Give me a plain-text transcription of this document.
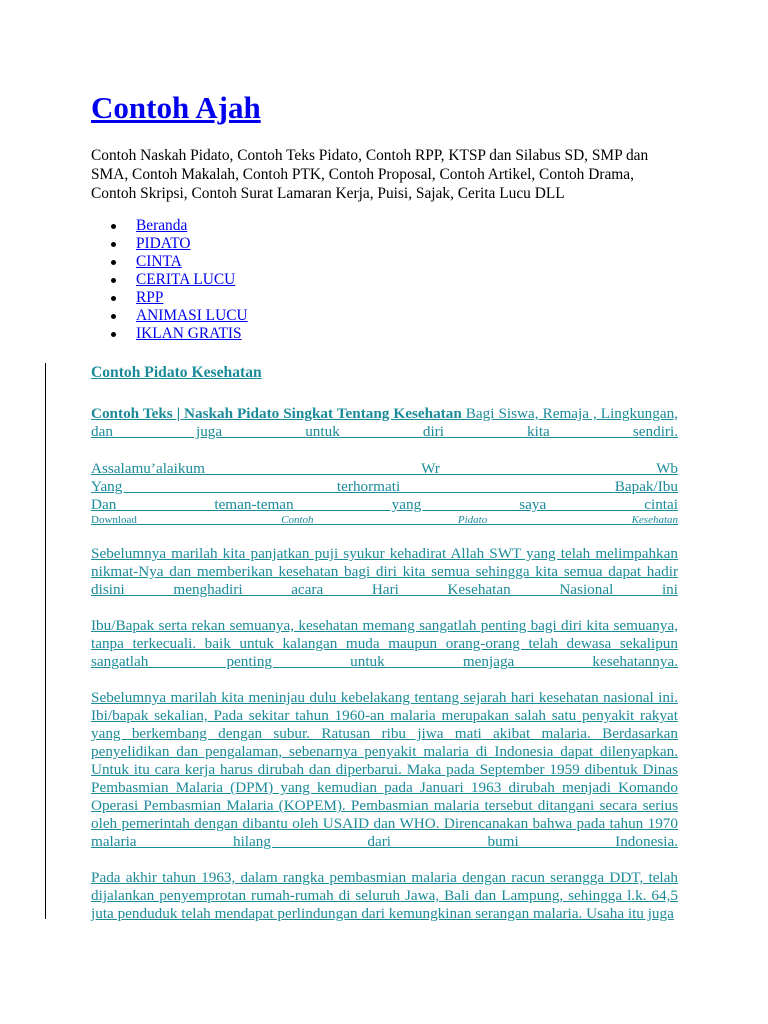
Contoh Ajah

Contoh Naskah Pidato, Contoh Teks Pidato, Contoh RPP, KTSP dan Silabus SD, SMP dan SMA, Contoh Makalah, Contoh PTK, Contoh Proposal, Contoh Artikel, Contoh Drama, Contoh Skripsi, Contoh Surat Lamaran Kerja, Puisi, Sajak, Cerita Lucu DLL

Beranda
PIDATO
CINTA
CERITA LUCU
RPP
ANIMASI LUCU
IKLAN GRATIS
Contoh Pidato Kesehatan

Contoh Teks | Naskah Pidato Singkat Tentang Kesehatan Bagi Siswa, Remaja , Lingkungan, dan juga untuk diri kita sendiri.

Assalamu’alaikum Wr Wb
Yang terhormati Bapak/Ibu
Dan teman-teman yang saya cintai
Download	Contoh	Pidato	Kesehatan

Sebelumnya marilah kita panjatkan puji syukur kehadirat Allah SWT yang telah melimpahkan nikmat-Nya dan memberikan kesehatan bagi diri kita semua sehingga kita semua dapat hadir disini menghadiri acara Hari Kesehatan Nasional ini

Ibu/Bapak serta rekan semuanya, kesehatan memang sangatlah penting bagi diri kita semuanya, tanpa terkecuali. baik untuk kalangan muda maupun orang-orang telah dewasa sekalipun sangatlah penting untuk menjaga kesehatannya.

Sebelumnya marilah kita meninjau dulu kebelakang tentang sejarah hari kesehatan nasional ini. Ibi/bapak sekalian, Pada sekitar tahun 1960-an malaria merupakan salah satu penyakit rakyat yang berkembang dengan subur. Ratusan ribu jiwa mati akibat malaria. Berdasarkan penyelidikan dan pengalaman, sebenarnya penyakit malaria di Indonesia dapat dilenyapkan. Untuk itu cara kerja harus dirubah dan diperbarui. Maka pada September 1959 dibentuk Dinas Pembasmian Malaria (DPM) yang kemudian pada Januari 1963 dirubah menjadi Komando Operasi Pembasmian Malaria (KOPEM). Pembasmian malaria tersebut ditangani secara serius oleh pemerintah dengan dibantu oleh USAID dan WHO. Direncanakan bahwa pada tahun 1970 malaria hilang dari bumi Indonesia.

Pada akhir tahun 1963, dalam rangka pembasmian malaria dengan racun serangga DDT, telah dijalankan penyemprotan rumah-rumah di seluruh Jawa, Bali dan Lampung, sehingga l.k. 64,5 juta penduduk telah mendapat perlindungan dari kemungkinan serangan malaria. Usaha itu juga
